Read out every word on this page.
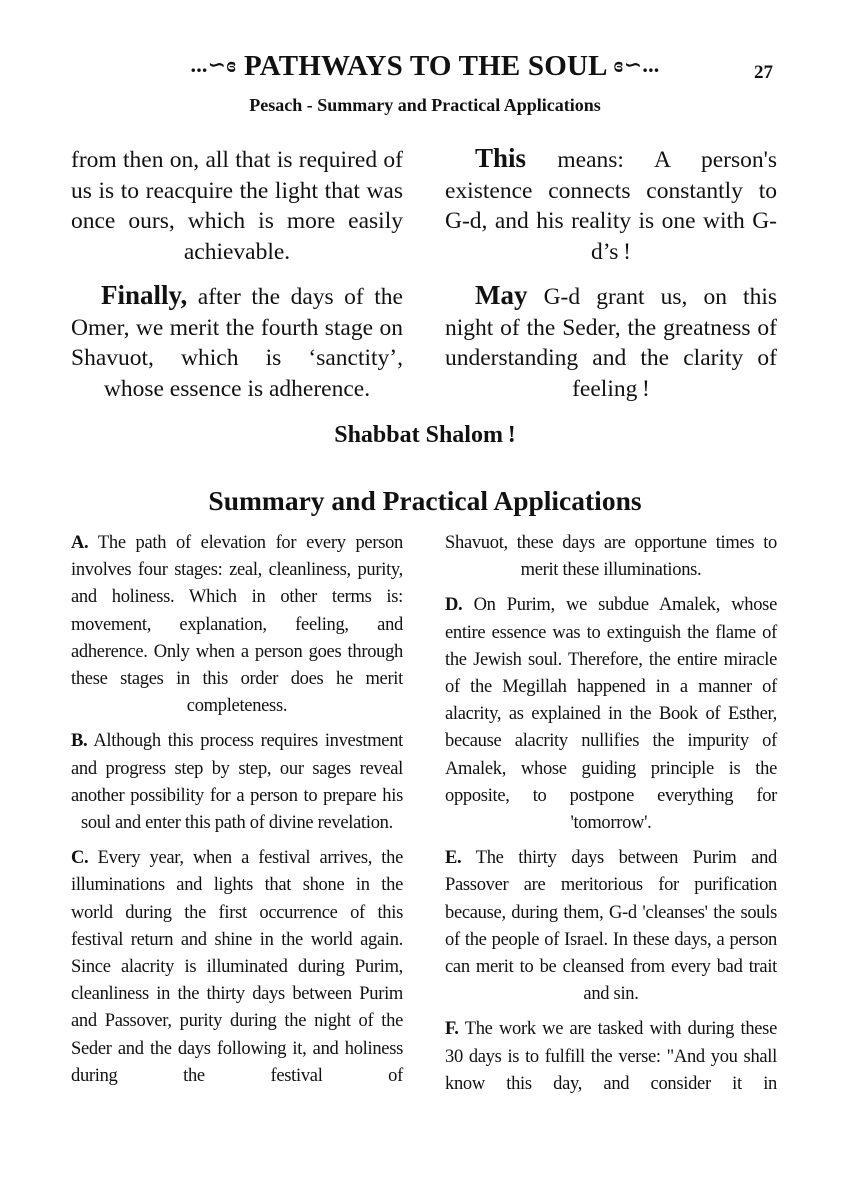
...∽ɞ PATHWAYS TO THE SOUL ɞ∽...	27
Pesach - Summary and Practical Applications

from then on, all that is required of us is to reacquire the light that was once ours, which is more easily achievable.

Finally, after the days of the Omer, we merit the fourth stage on Shavuot, which is ‘sanctity’, whose essence is adherence.

This means: A person's existence connects constantly to G-d, and his reality is one with G-d’s !

May G-d grant us, on this night of the Seder, the greatness of understanding and the clarity of feeling !

Shabbat Shalom !
Summary and Practical Applications

A. The path of elevation for every person involves four stages: zeal, cleanliness, purity, and holiness. Which in other terms is: movement, explanation, feeling, and adherence. Only when a person goes through these stages in this order does he merit completeness.

B. Although this process requires investment and progress step by step, our sages reveal another possibility for a person to prepare his soul and enter this path of divine revelation.

C. Every year, when a festival arrives, the illuminations and lights that shone in the world during the first occurrence of this festival return and shine in the world again. Since alacrity is illuminated during Purim, cleanliness in the thirty days between Purim and Passover, purity during the night of the Seder and the days following it, and holiness during the festival of

Shavuot, these days are opportune times to merit these illuminations.

D. On Purim, we subdue Amalek, whose entire essence was to extinguish the flame of the Jewish soul. Therefore, the entire miracle of the Megillah happened in a manner of alacrity, as explained in the Book of Esther, because alacrity nullifies the impurity of Amalek, whose guiding principle is the opposite, to postpone everything for 'tomorrow'.

E. The thirty days between Purim and Passover are meritorious for purification because, during them, G-d 'cleanses' the souls of the people of Israel. In these days, a person can merit to be cleansed from every bad trait and sin.

F. The work we are tasked with during these 30 days is to fulfill the verse: "And you shall know this day, and consider it in
